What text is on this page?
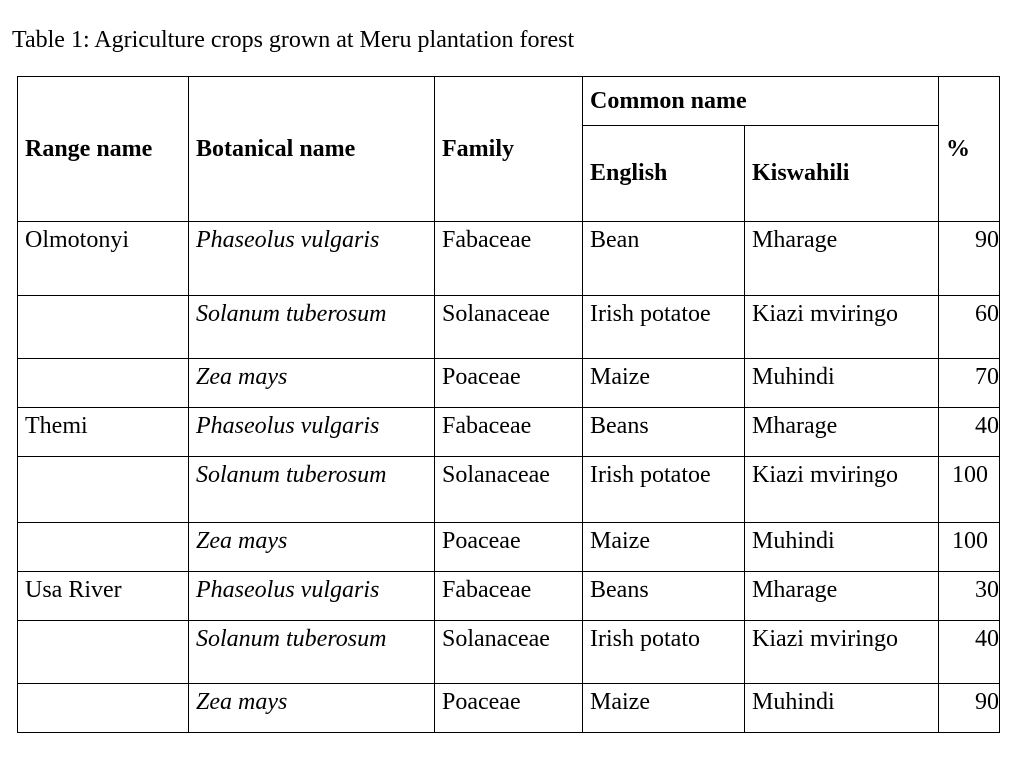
Table 1: Agriculture crops grown at Meru plantation forest
Range name	Botanical name	Family	Common name		%
			English	Kiswahili	
Olmotonyi	Phaseolus vulgaris	Fabaceae	Bean	Mharage	90
	Solanum tuberosum	Solanaceae	Irish potatoe	Kiazi mviringo	60
	Zea mays	Poaceae	Maize	Muhindi	70
Themi	Phaseolus vulgaris	Fabaceae	Beans	Mharage	40
	Solanum tuberosum	Solanaceae	Irish potatoe	Kiazi mviringo	100
	Zea mays	Poaceae	Maize	Muhindi	100
Usa River	Phaseolus vulgaris	Fabaceae	Beans	Mharage	30
	Solanum tuberosum	Solanaceae	Irish potato	Kiazi mviringo	40
	Zea mays	Poaceae	Maize	Muhindi	90
